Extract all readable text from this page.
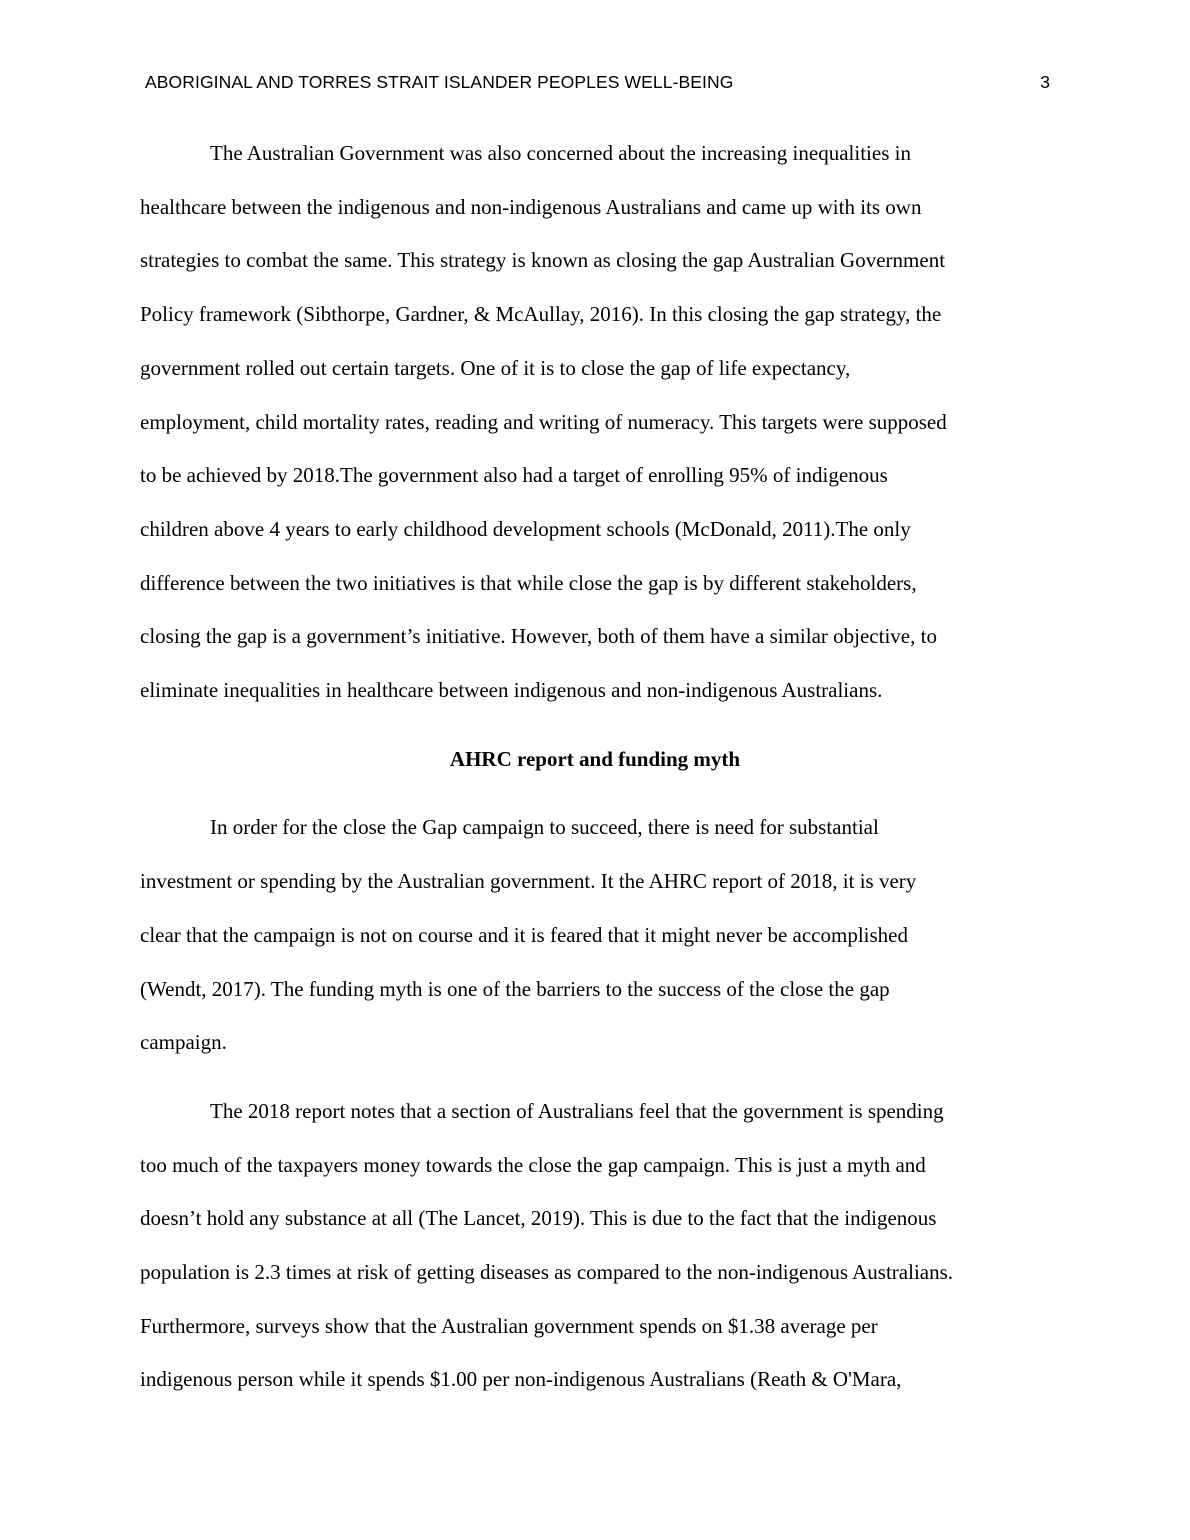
ABORIGINAL AND TORRES STRAIT ISLANDER PEOPLES WELL-BEING	3

The Australian Government was also concerned about the increasing inequalities in
healthcare between the indigenous and non-indigenous Australians and came up with its own
strategies to combat the same. This strategy is known as closing the gap Australian Government
Policy framework (Sibthorpe, Gardner, & McAullay, 2016). In this closing the gap strategy, the
government rolled out certain targets. One of it is to close the gap of life expectancy,
employment, child mortality rates, reading and writing of numeracy. This targets were supposed
to be achieved by 2018.The government also had a target of enrolling 95% of indigenous
children above 4 years to early childhood development schools (McDonald, 2011).The only
difference between the two initiatives is that while close the gap is by different stakeholders,
closing the gap is a government’s initiative. However, both of them have a similar objective, to
eliminate inequalities in healthcare between indigenous and non-indigenous Australians.

AHRC report and funding myth

In order for the close the Gap campaign to succeed, there is need for substantial
investment or spending by the Australian government. It the AHRC report of 2018, it is very
clear that the campaign is not on course and it is feared that it might never be accomplished
(Wendt, 2017). The funding myth is one of the barriers to the success of the close the gap
campaign.

The 2018 report notes that a section of Australians feel that the government is spending
too much of the taxpayers money towards the close the gap campaign. This is just a myth and
doesn’t hold any substance at all (The Lancet, 2019). This is due to the fact that the indigenous
population is 2.3 times at risk of getting diseases as compared to the non-indigenous Australians.
Furthermore, surveys show that the Australian government spends on $1.38 average per
indigenous person while it spends $1.00 per non-indigenous Australians (Reath & O'Mara,
